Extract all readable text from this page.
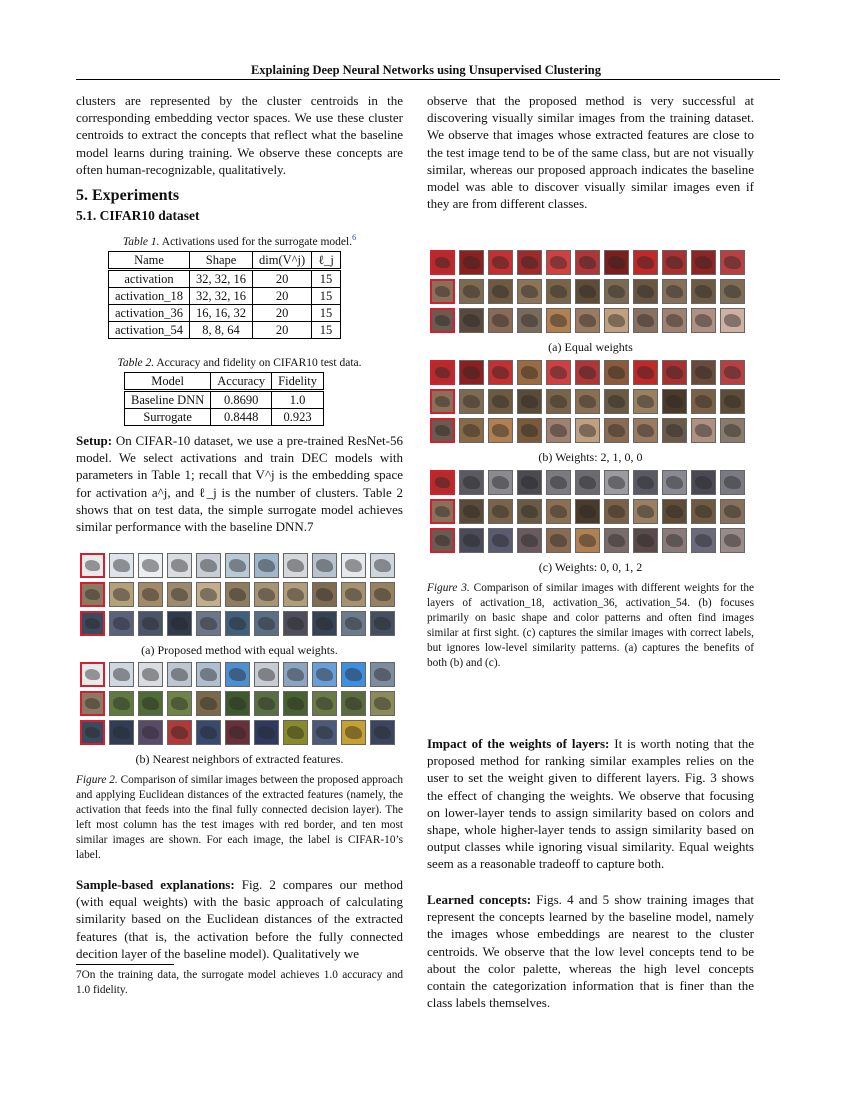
Explaining Deep Neural Networks using Unsupervised Clustering

clusters are represented by the cluster centroids in the corresponding embedding vector spaces. We use these cluster centroids to extract the concepts that reflect what the baseline model learns during training. We observe these concepts are often human-recognizable, qualitatively.

5. Experiments
5.1. CIFAR10 dataset
Table 1. Activations used for the surrogate model.$^6$
Name	Shape	dim(V^j)	ℓ_j
activation	32, 32, 16	20	15
activation_18	32, 32, 16	20	15
activation_36	16, 16, 32	20	15
activation_54	8, 8, 64	20	15
Table 2. Accuracy and fidelity on CIFAR10 test data.
Model	Accuracy	Fidelity
Baseline DNN	0.8690	1.0
Surrogate	0.8448	0.923

Setup: On CIFAR-10 dataset, we use a pre-trained ResNet-56 model. We select activations and train DEC models with parameters in Table 1; recall that V^j is the embedding space for activation a^j, and ℓ_j is the number of clusters. Table 2 shows that on test data, the simple surrogate model achieves similar performance with the baseline DNN.7

(a) Proposed method with equal weights.
(b) Nearest neighbors of extracted features.
Figure 2. Comparison of similar images between the proposed approach and applying Euclidean distances of the extracted features (namely, the activation that feeds into the final fully connected decision layer). The left most column has the test images with red border, and ten most similar images are shown. For each image, the label is CIFAR-10’s label.

Sample-based explanations: Fig. 2 compares our method (with equal weights) with the basic approach of calculating similarity based on the Euclidean distances of the extracted features (that is, the activation before the fully connected decition layer of the baseline model). Qualitatively we

7On the training data, the surrogate model achieves 1.0 accuracy and 1.0 fidelity.

observe that the proposed method is very successful at discovering visually similar images from the training dataset. We observe that images whose extracted features are close to the test image tend to be of the same class, but are not visually similar, whereas our proposed approach indicates the baseline model was able to discover visually similar images even if they are from different classes.

(a) Equal weights
(b) Weights: 2, 1, 0, 0
(c) Weights: 0, 0, 1, 2
Figure 3. Comparison of similar images with different weights for the layers of activation_18, activation_36, activation_54. (b) focuses primarily on basic shape and color patterns and often find images similar at first sight. (c) captures the similar images with correct labels, but ignores low-level similarity patterns. (a) captures the benefits of both (b) and (c).

Impact of the weights of layers: It is worth noting that the proposed method for ranking similar examples relies on the user to set the weight given to different layers. Fig. 3 shows the effect of changing the weights. We observe that focusing on lower-layer tends to assign similarity based on colors and shape, whole higher-layer tends to assign similarity based on output classes while ignoring visual similarity. Equal weights seem as a reasonable tradeoff to capture both.

Learned concepts: Figs. 4 and 5 show training images that represent the concepts learned by the baseline model, namely the images whose embeddings are nearest to the cluster centroids. We observe that the low level concepts tend to be about the color palette, whereas the high level concepts contain the categorization information that is finer than the class labels themselves.
